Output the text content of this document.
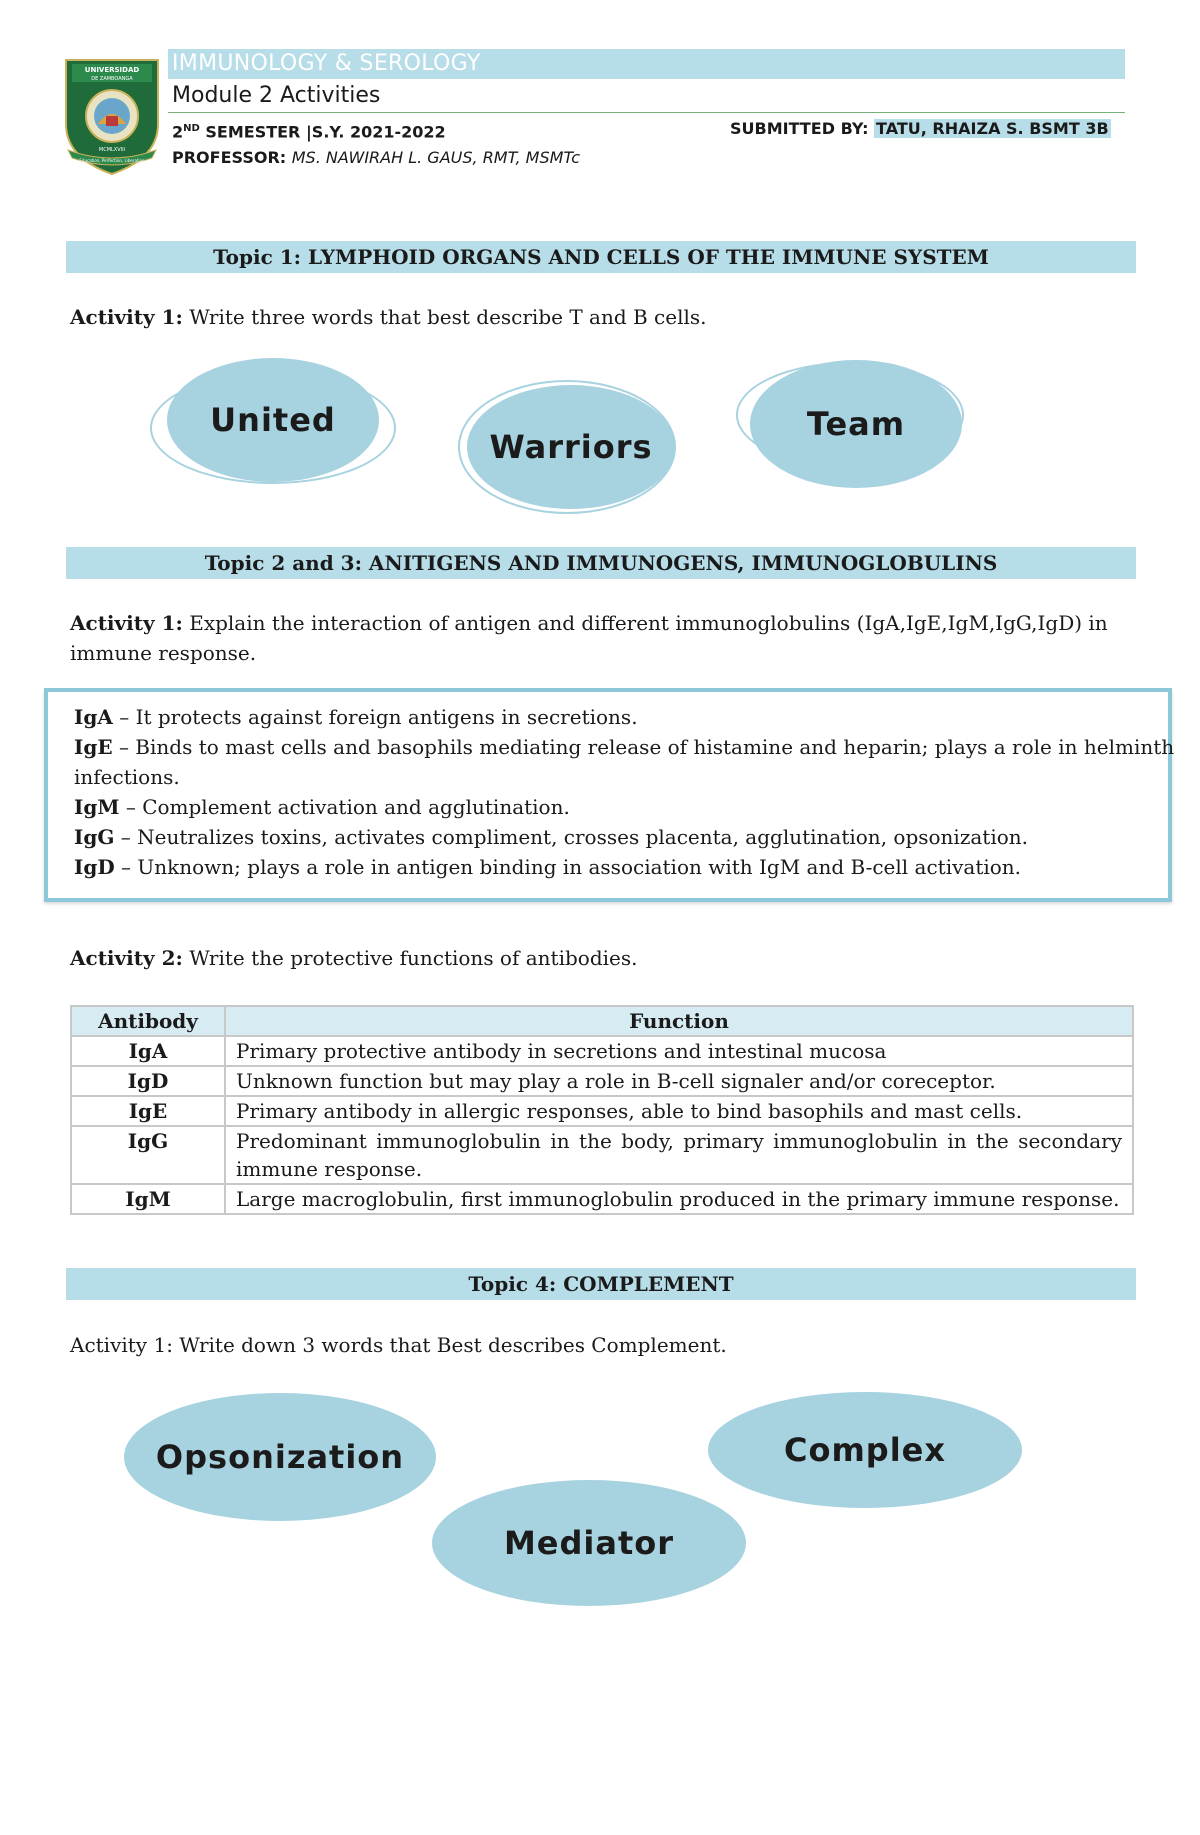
UNIVERSIDAD
DE ZAMBOANGA
MCMLXVIII
Education, Perfection, Liberation
IMMUNOLOGY & SEROLOGY
Module 2 Activities
2ND SEMESTER |S.Y. 2021-2022	SUBMITTED BY: TATU, RHAIZA S. BSMT 3B
PROFESSOR: MS. NAWIRAH L. GAUS, RMT, MSMTc
Topic 1: LYMPHOID ORGANS AND CELLS OF THE IMMUNE SYSTEM
Activity 1: Write three words that best describe T and B cells.
United
Warriors
Team
Topic 2 and 3: ANITIGENS AND IMMUNOGENS, IMMUNOGLOBULINS
Activity 1: Explain the interaction of antigen and different immunoglobulins (IgA,IgE,IgM,IgG,IgD) in
immune response.
IgA – It protects against foreign antigens in secretions.
IgE – Binds to mast cells and basophils mediating release of histamine and heparin; plays a role in helminth
infections.
IgM – Complement activation and agglutination.
IgG – Neutralizes toxins, activates compliment, crosses placenta, agglutination, opsonization.
IgD – Unknown; plays a role in antigen binding in association with IgM and B-cell activation.
Activity 2: Write the protective functions of antibodies.
Antibody	Function
IgA	Primary protective antibody in secretions and intestinal mucosa
IgD	Unknown function but may play a role in B-cell signaler and/or coreceptor.
IgE	Primary antibody in allergic responses, able to bind basophils and mast cells.
IgG	Predominant immunoglobulin in the body, primary immunoglobulin in the secondary immune response.
IgM	Large macroglobulin, first immunoglobulin produced in the primary immune response.
Topic 4: COMPLEMENT
Activity 1: Write down 3 words that Best describes Complement.
Opsonization	Complex
Mediator
